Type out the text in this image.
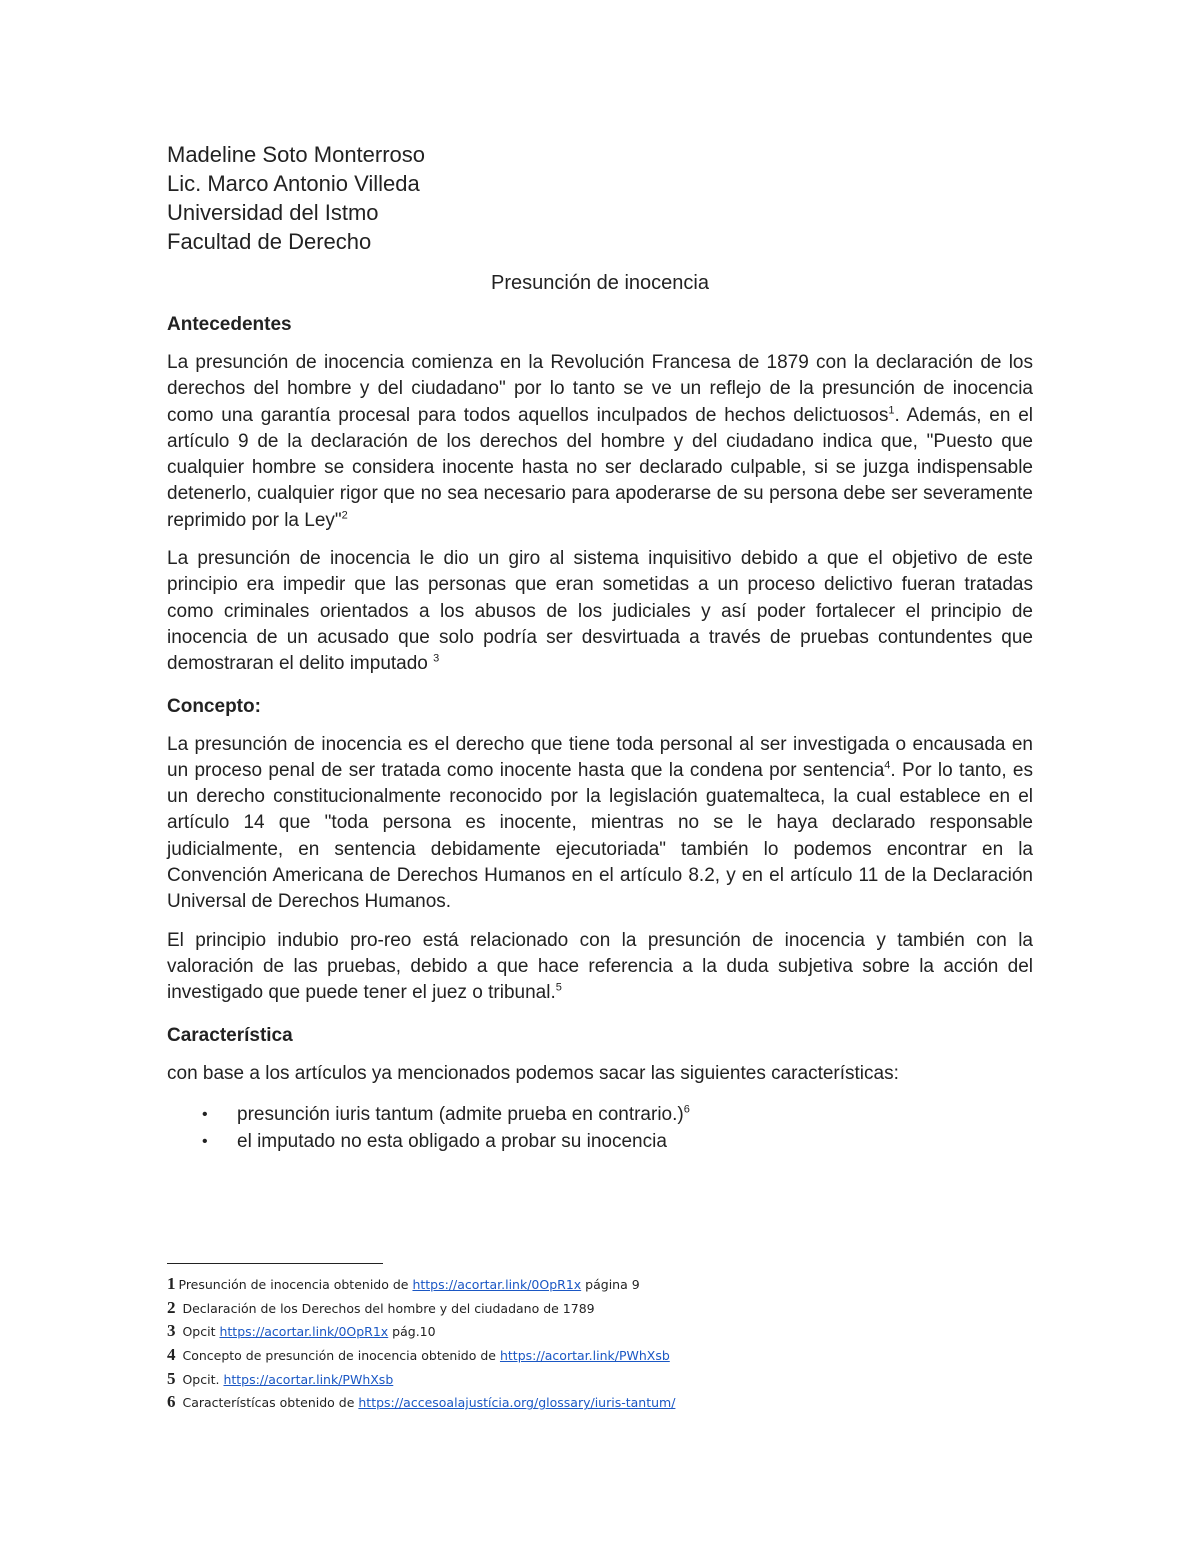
Madeline Soto Monterroso

Lic. Marco Antonio Villeda

Universidad del Istmo

Facultad de Derecho

Presunción de inocencia

Antecedentes

La presunción de inocencia comienza en la Revolución Francesa de 1879 con la declaración de los derechos del hombre y del ciudadano" por lo tanto se ve un reflejo de la presunción de inocencia como una garantía procesal para todos aquellos inculpados de hechos delictuosos$^1$. Además, en el artículo 9 de la declaración de los derechos del hombre y del ciudadano indica que, "Puesto que cualquier hombre se considera inocente hasta no ser declarado culpable, si se juzga indispensable detenerlo, cualquier rigor que no sea necesario para apoderarse de su persona debe ser severamente reprimido por la Ley"$^2$

La presunción de inocencia le dio un giro al sistema inquisitivo debido a que el objetivo de este principio era impedir que las personas que eran sometidas a un proceso delictivo fueran tratadas como criminales orientados a los abusos de los judiciales y así poder fortalecer el principio de inocencia de un acusado que solo podría ser desvirtuada a través de pruebas contundentes que demostraran el delito imputado $^3$

Concepto:

La presunción de inocencia es el derecho que tiene toda personal al ser investigada o encausada en un proceso penal de ser tratada como inocente hasta que la condena por sentencia$^4$. Por lo tanto, es un derecho constitucionalmente reconocido por la legislación guatemalteca, la cual establece en el artículo 14 que "toda persona es inocente, mientras no se le haya declarado responsable judicialmente, en sentencia debidamente ejecutoriada" también lo podemos encontrar en la Convención Americana de Derechos Humanos en el artículo 8.2, y en el artículo 11 de la Declaración Universal de Derechos Humanos.

El principio indubio pro-reo está relacionado con la presunción de inocencia y también con la valoración de las pruebas, debido a que hace referencia a la duda subjetiva sobre la acción del investigado que puede tener el juez o tribunal.$^5$

Característica

con base a los artículos ya mencionados podemos sacar las siguientes características:

• presunción iuris tantum (admite prueba en contrario.)$^6$
• el imputado no esta obligado a probar su inocencia
1 Presunción de inocencia obtenido de https://acortar.link/0OpR1x página 9
2 Declaración de los Derechos del hombre y del ciudadano de 1789
3 Opcit https://acortar.link/0OpR1x pág.10
4 Concepto de presunción de inocencia obtenido de https://acortar.link/PWhXsb
5 Opcit. https://acortar.link/PWhXsb
6 Característícas obtenido de https://accesoalajustícia.org/glossary/iuris-tantum/
